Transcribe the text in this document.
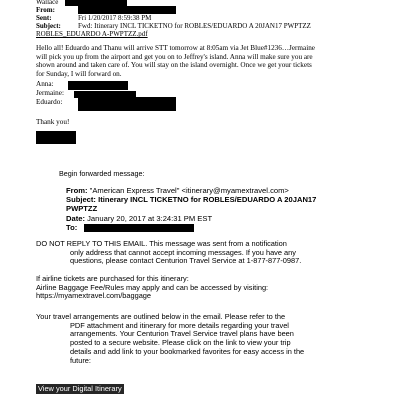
Wallace
From:
Sent:	Fri 1/20/2017 8:59:38 PM
Subject: Fwd: Itinerary INCL TICKETNO for ROBLES/EDUARDO A 20JAN17 PWPTZZ
ROBLES_EDUARDO A-PWPTZZ.pdf
Hello all! Eduardo and Thanu will arrive STT tomorrow at 8:05am via Jet Blue#1236…Jermaine
will pick you up from the airport and get you on to Jeffrey's island. Anna will make sure you are
shown around and taken care of. You will stay on the island overnight. Once we get your tickets
for Sunday, I will forward on.
Anna:
Jermaine:
Eduardo:
Thank you!
Begin forwarded message:
From: "American Express Travel" <itinerary@myamextravel.com>
Subject: Itinerary INCL TICKETNO for ROBLES/EDUARDO A 20JAN17
PWPTZZ
Date: January 20, 2017 at 3:24:31 PM EST
To:
DO NOT REPLY TO THIS EMAIL. This message was sent from a notification
only address that cannot accept incoming messages. If you have any
questions, please contact Centurion Travel Service at 1-877-877-0987.
If airline tickets are purchased for this itinerary:
Airline Baggage Fee/Rules may apply and can be accessed by visiting:
https://myamextravel.com/baggage
Your travel arrangements are outlined below in the email. Please refer to the
PDF attachment and itinerary for more details regarding your travel
arrangements. Your Centurion Travel Service travel plans have been
posted to a secure website. Please click on the link to view your trip
details and add link to your bookmarked favorites for easy access in the
future:
View your Digital Itinerary
